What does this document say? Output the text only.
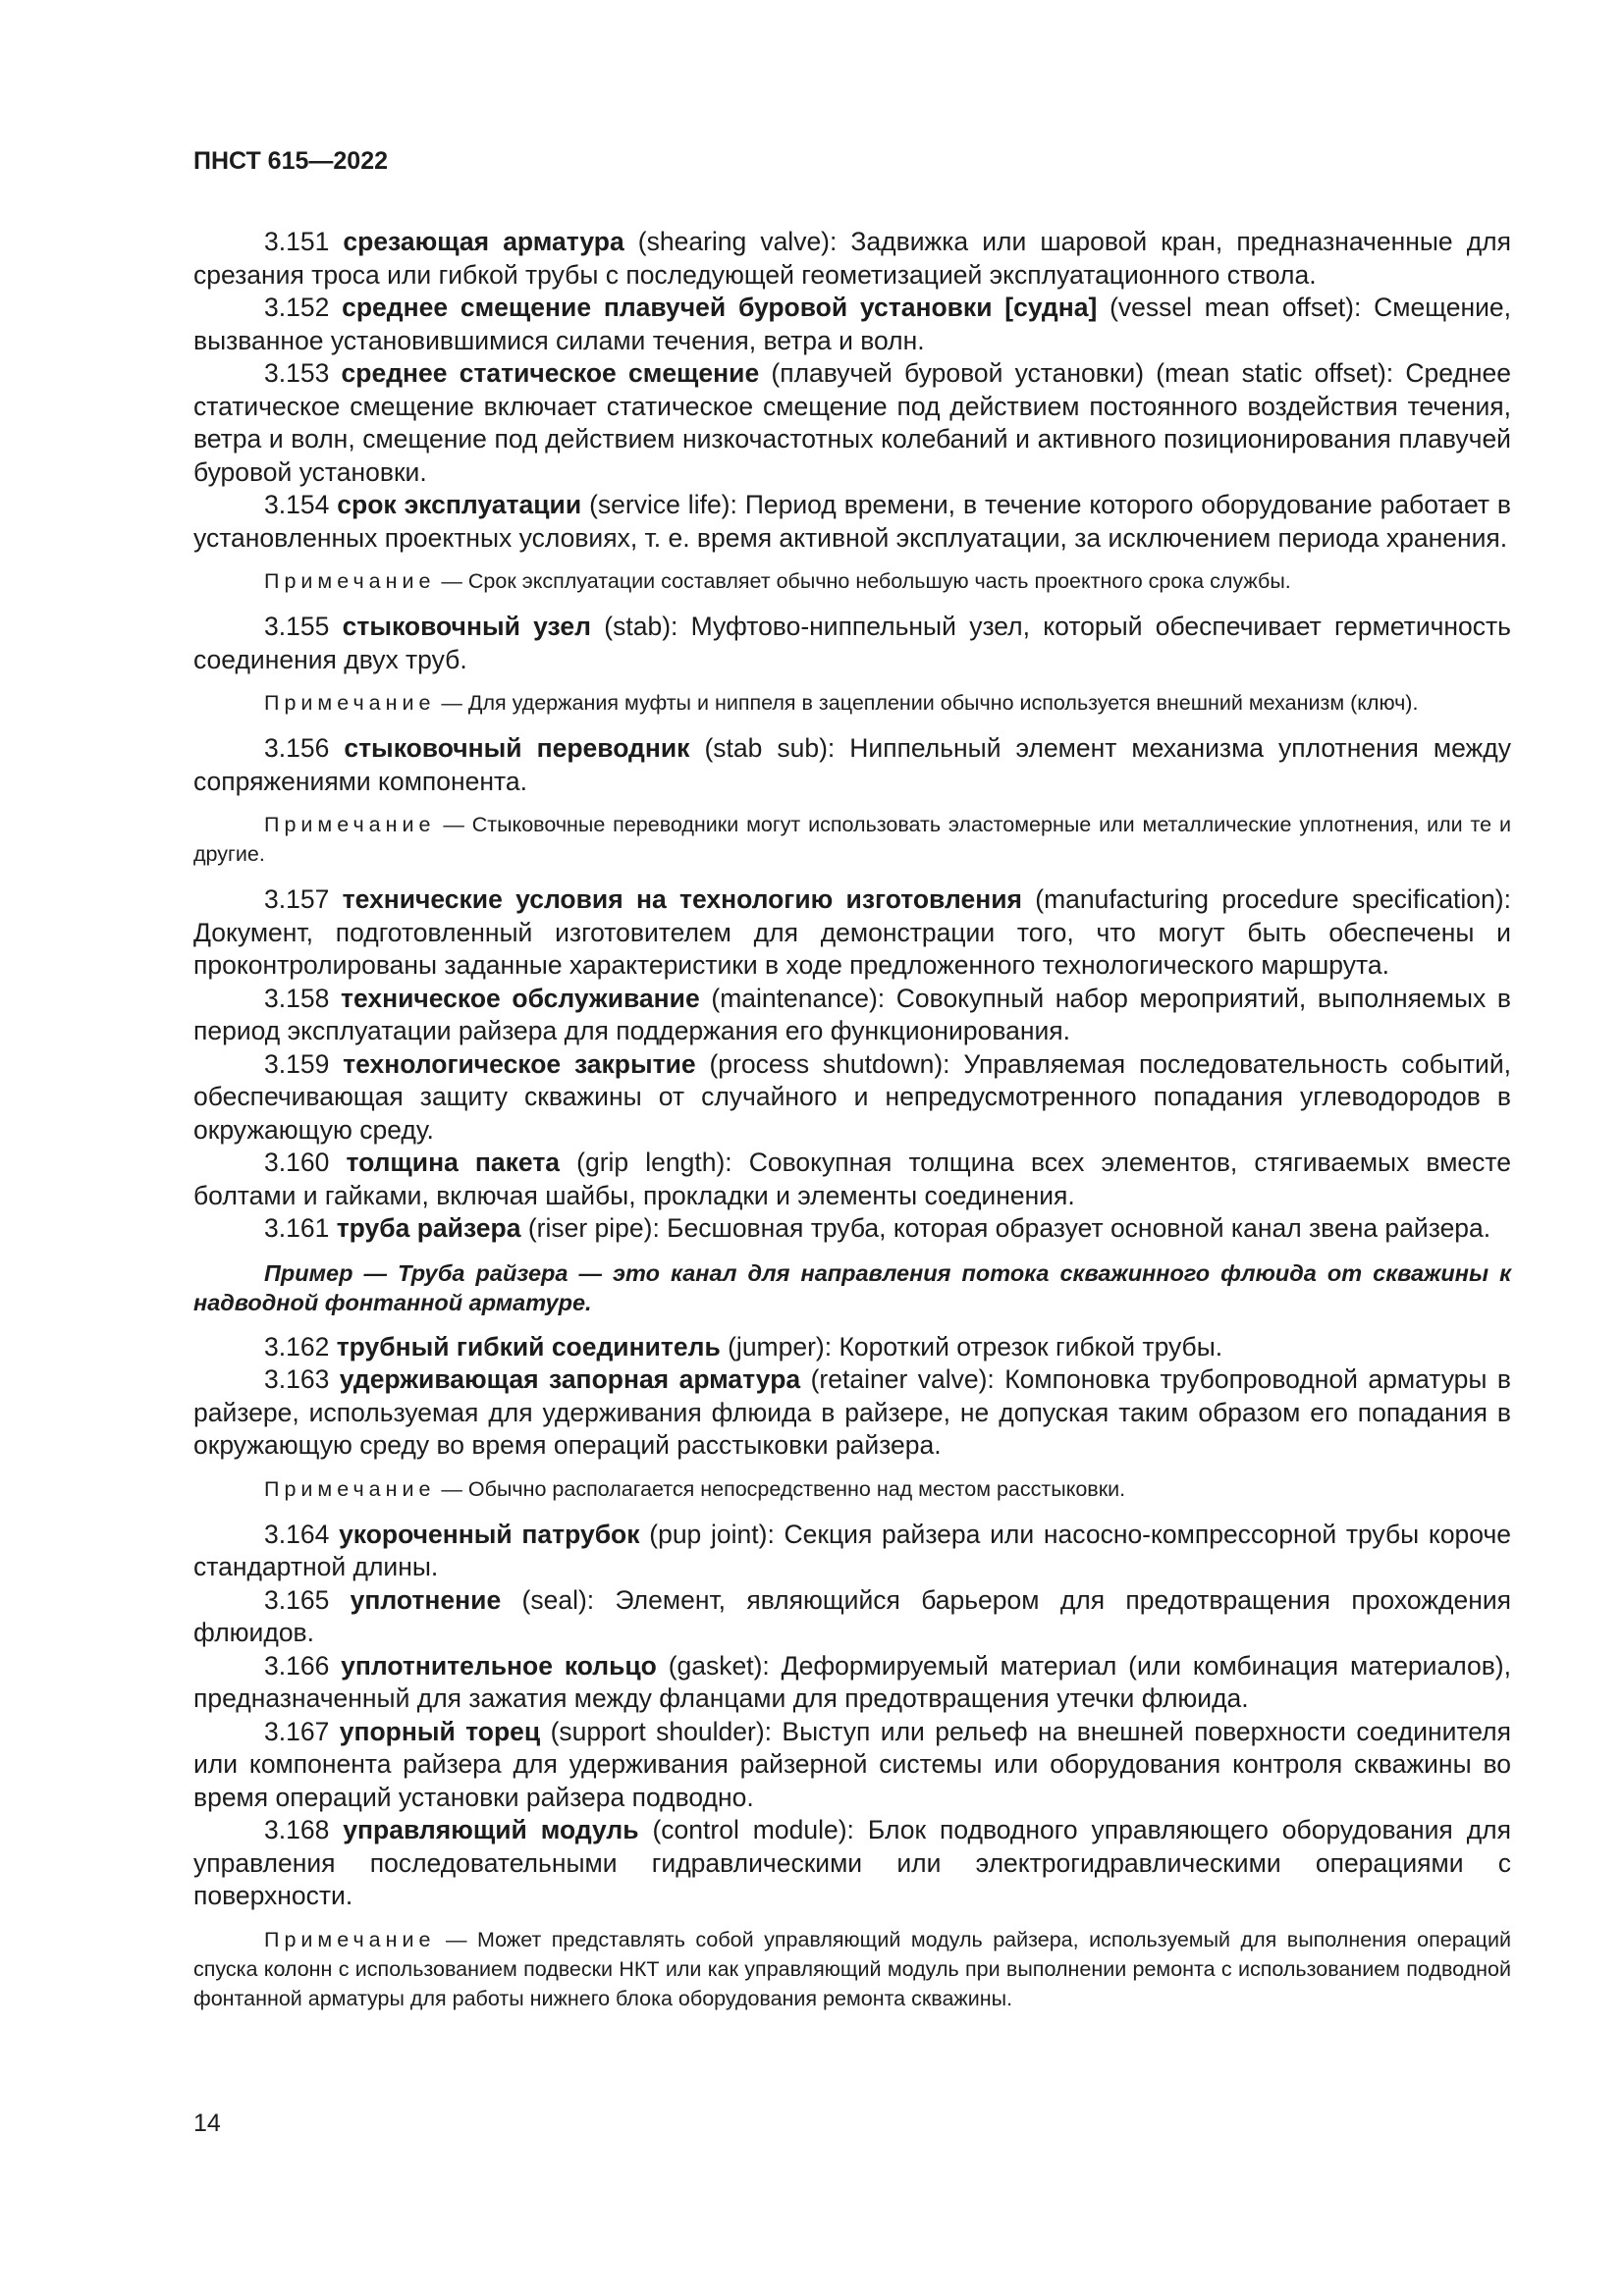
ПНСТ 615—2022

3.151 срезающая арматура (shearing valve): Задвижка или шаровой кран, предназначенные для срезания троса или гибкой трубы с последующей геометизацией эксплуатационного ствола.

3.152 среднее смещение плавучей буровой установки [судна] (vessel mean offset): Смещение, вызванное установившимися силами течения, ветра и волн.

3.153 среднее статическое смещение (плавучей буровой установки) (mean static offset): Среднее статическое смещение включает статическое смещение под действием постоянного воздействия течения, ветра и волн, смещение под действием низкочастотных колебаний и активного позиционирования плавучей буровой установки.

3.154 срок эксплуатации (service life): Период времени, в течение которого оборудование работает в установленных проектных условиях, т. е. время активной эксплуатации, за исключением периода хранения.

Примечание — Срок эксплуатации составляет обычно небольшую часть проектного срока службы.

3.155 стыковочный узел (stab): Муфтово-ниппельный узел, который обеспечивает герметичность соединения двух труб.

Примечание — Для удержания муфты и ниппеля в зацеплении обычно используется внешний механизм (ключ).

3.156 стыковочный переводник (stab sub): Ниппельный элемент механизма уплотнения между сопряжениями компонента.

Примечание — Стыковочные переводники могут использовать эластомерные или металлические уплотнения, или те и другие.

3.157 технические условия на технологию изготовления (manufacturing procedure specification): Документ, подготовленный изготовителем для демонстрации того, что могут быть обеспечены и проконтролированы заданные характеристики в ходе предложенного технологического маршрута.

3.158 техническое обслуживание (maintenance): Совокупный набор мероприятий, выполняемых в период эксплуатации райзера для поддержания его функционирования.

3.159 технологическое закрытие (process shutdown): Управляемая последовательность событий, обеспечивающая защиту скважины от случайного и непредусмотренного попадания углеводородов в окружающую среду.

3.160 толщина пакета (grip length): Совокупная толщина всех элементов, стягиваемых вместе болтами и гайками, включая шайбы, прокладки и элементы соединения.

3.161 труба райзера (riser pipe): Бесшовная труба, которая образует основной канал звена райзера.

Пример — Труба райзера — это канал для направления потока скважинного флюида от скважины к надводной фонтанной арматуре.

3.162 трубный гибкий соединитель (jumper): Короткий отрезок гибкой трубы.

3.163 удерживающая запорная арматура (retainer valve): Компоновка трубопроводной арматуры в райзере, используемая для удерживания флюида в райзере, не допуская таким образом его попадания в окружающую среду во время операций расстыковки райзера.

Примечание — Обычно располагается непосредственно над местом расстыковки.

3.164 укороченный патрубок (pup joint): Секция райзера или насосно-компрессорной трубы короче стандартной длины.

3.165 уплотнение (seal): Элемент, являющийся барьером для предотвращения прохождения флюидов.

3.166 уплотнительное кольцо (gasket): Деформируемый материал (или комбинация материалов), предназначенный для зажатия между фланцами для предотвращения утечки флюида.

3.167 упорный торец (support shoulder): Выступ или рельеф на внешней поверхности соединителя или компонента райзера для удерживания райзерной системы или оборудования контроля скважины во время операций установки райзера подводно.

3.168 управляющий модуль (control module): Блок подводного управляющего оборудования для управления последовательными гидравлическими или электрогидравлическими операциями с поверхности.

Примечание — Может представлять собой управляющий модуль райзера, используемый для выполнения операций спуска колонн с использованием подвески НКТ или как управляющий модуль при выполнении ремонта с использованием подводной фонтанной арматуры для работы нижнего блока оборудования ремонта скважины.

14
